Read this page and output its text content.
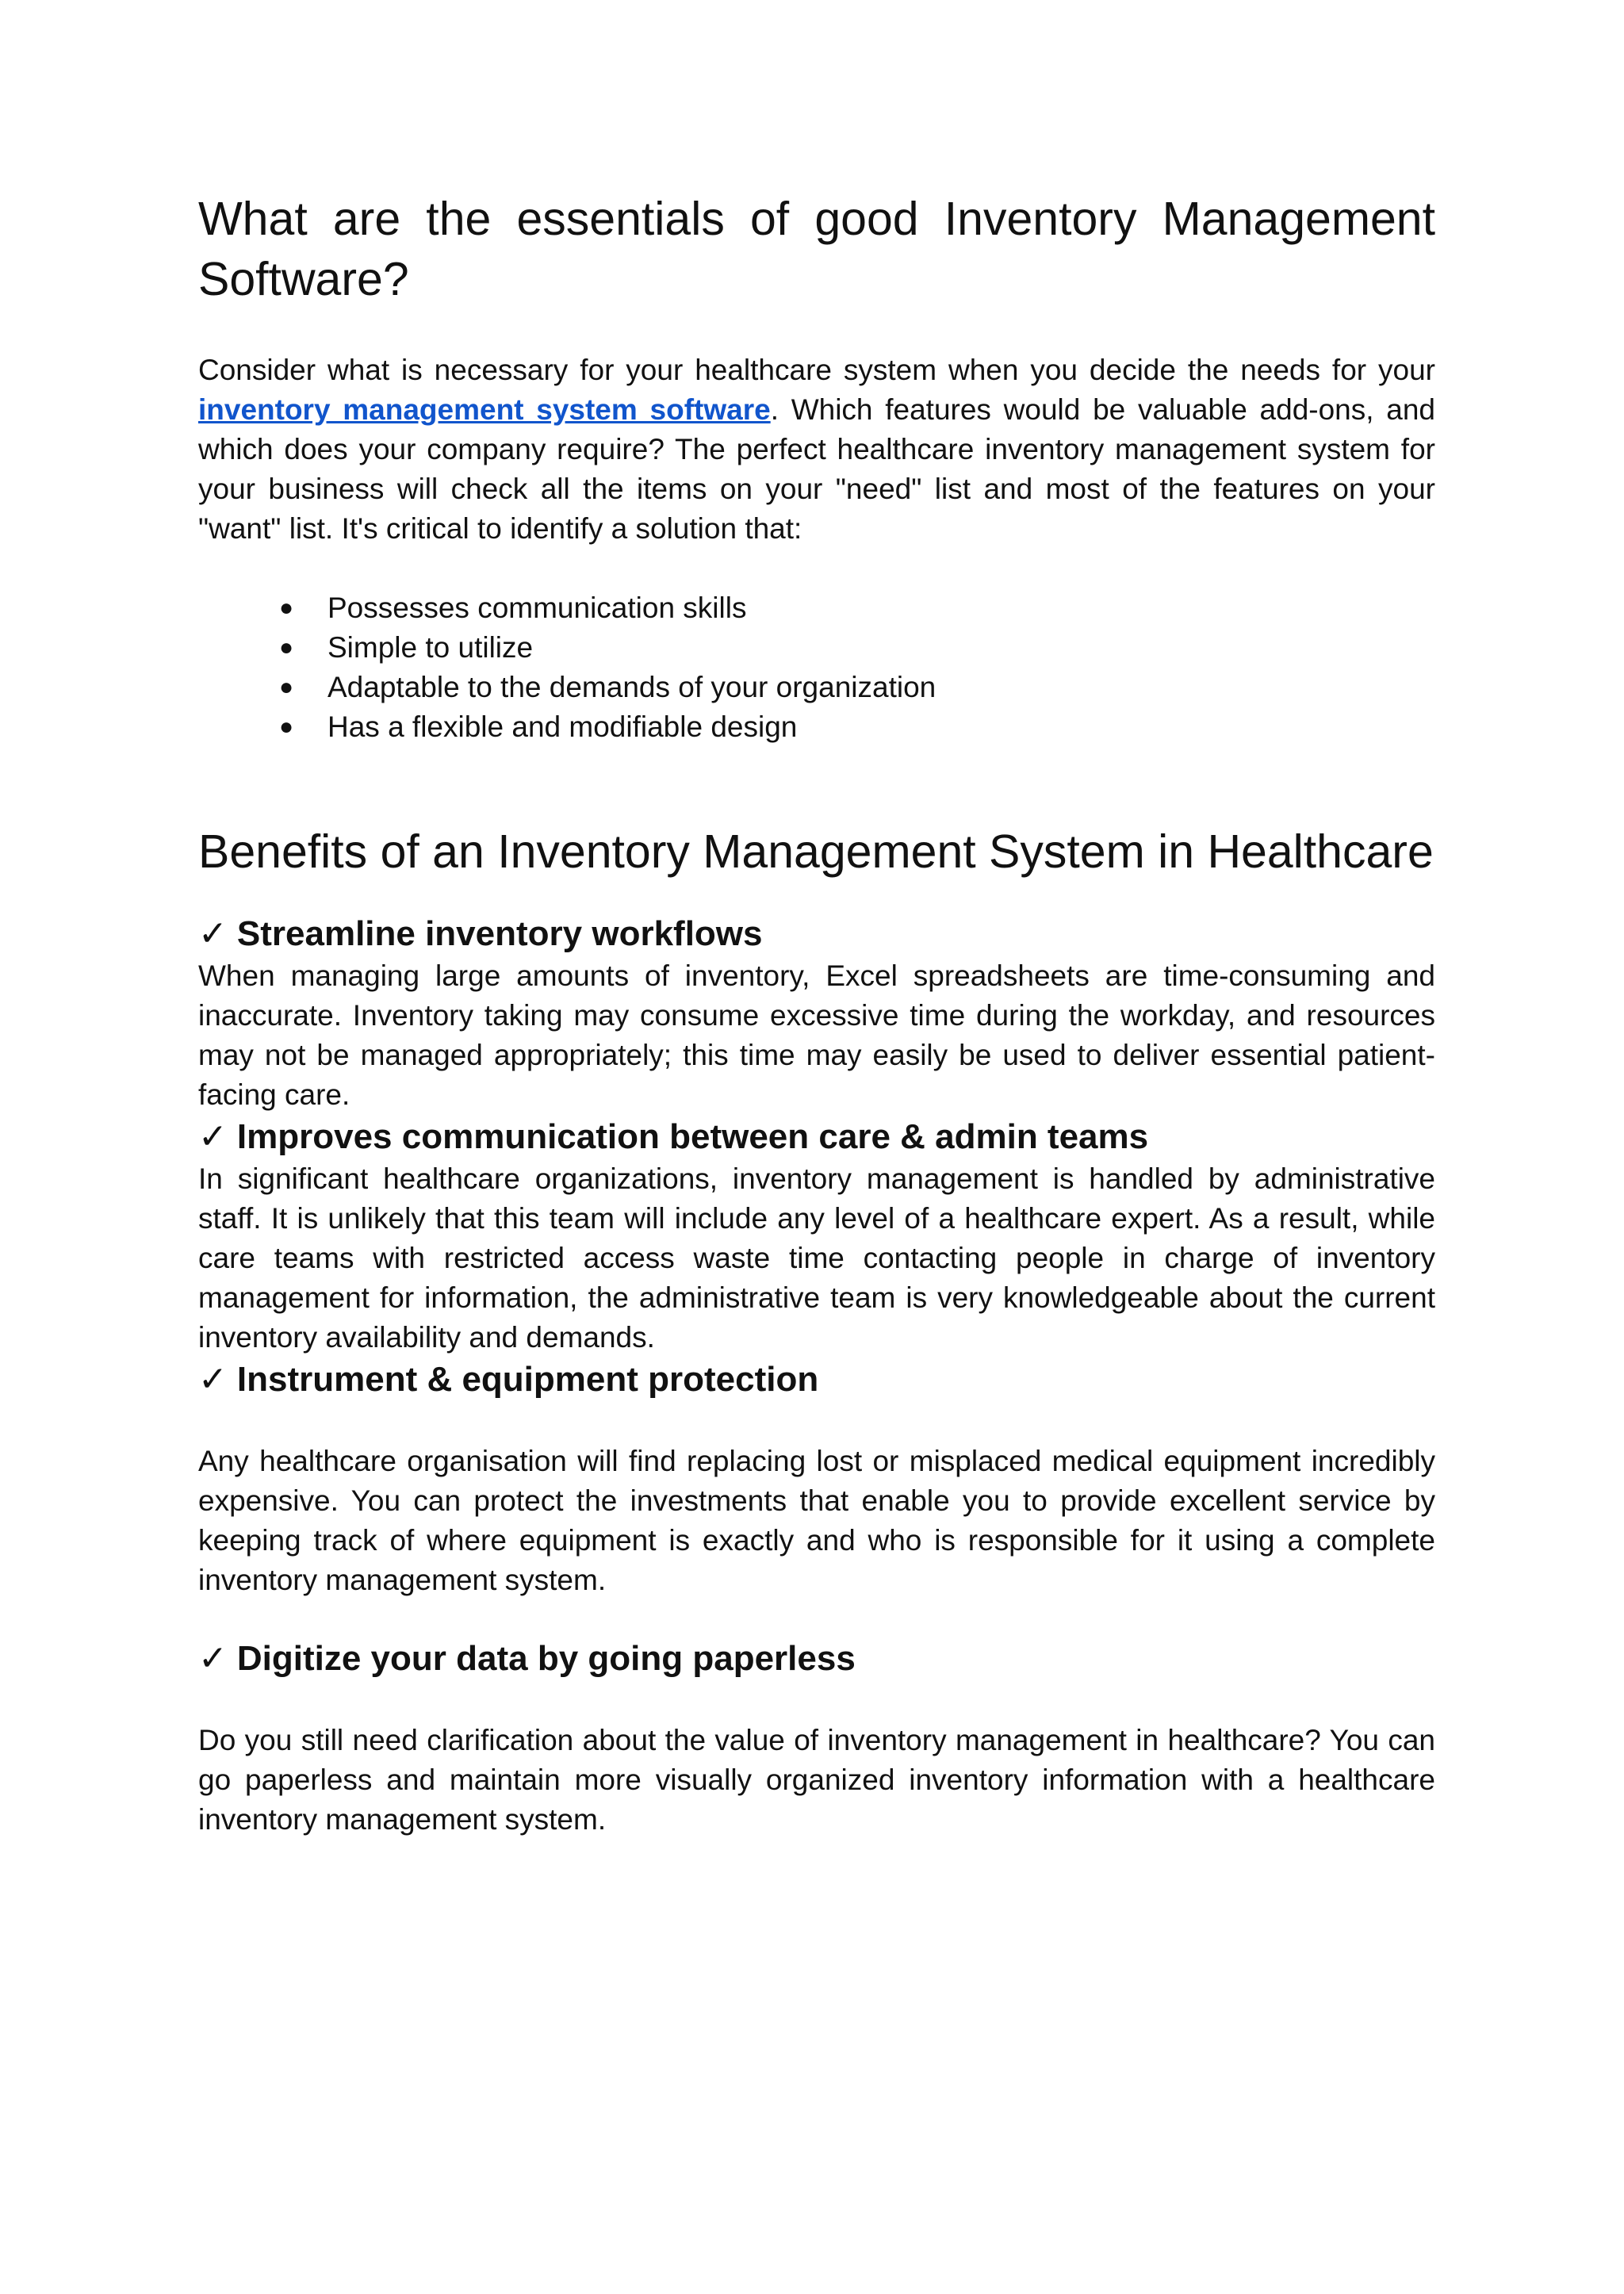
What are the essentials of good Inventory Management Software?

Consider what is necessary for your healthcare system when you decide the needs for your inventory management system software. Which features would be valuable add-ons, and which does your company require? The perfect healthcare inventory management system for your business will check all the items on your "need" list and most of the features on your "want" list. It's critical to identify a solution that:

● Possesses communication skills
● Simple to utilize
● Adaptable to the demands of your organization
● Has a flexible and modifiable design
Benefits of an Inventory Management System in Healthcare
✓ Streamline inventory workflows

When managing large amounts of inventory, Excel spreadsheets are time-consuming and inaccurate. Inventory taking may consume excessive time during the workday, and resources may not be managed appropriately; this time may easily be used to deliver essential patient-facing care.

✓ Improves communication between care & admin teams

In significant healthcare organizations, inventory management is handled by administrative staff. It is unlikely that this team will include any level of a healthcare expert. As a result, while care teams with restricted access waste time contacting people in charge of inventory management for information, the administrative team is very knowledgeable about the current inventory availability and demands.

✓ Instrument & equipment protection

Any healthcare organisation will find replacing lost or misplaced medical equipment incredibly expensive. You can protect the investments that enable you to provide excellent service by keeping track of where equipment is exactly and who is responsible for it using a complete inventory management system.

✓ Digitize your data by going paperless

Do you still need clarification about the value of inventory management in healthcare? You can go paperless and maintain more visually organized inventory information with a healthcare inventory management system.
